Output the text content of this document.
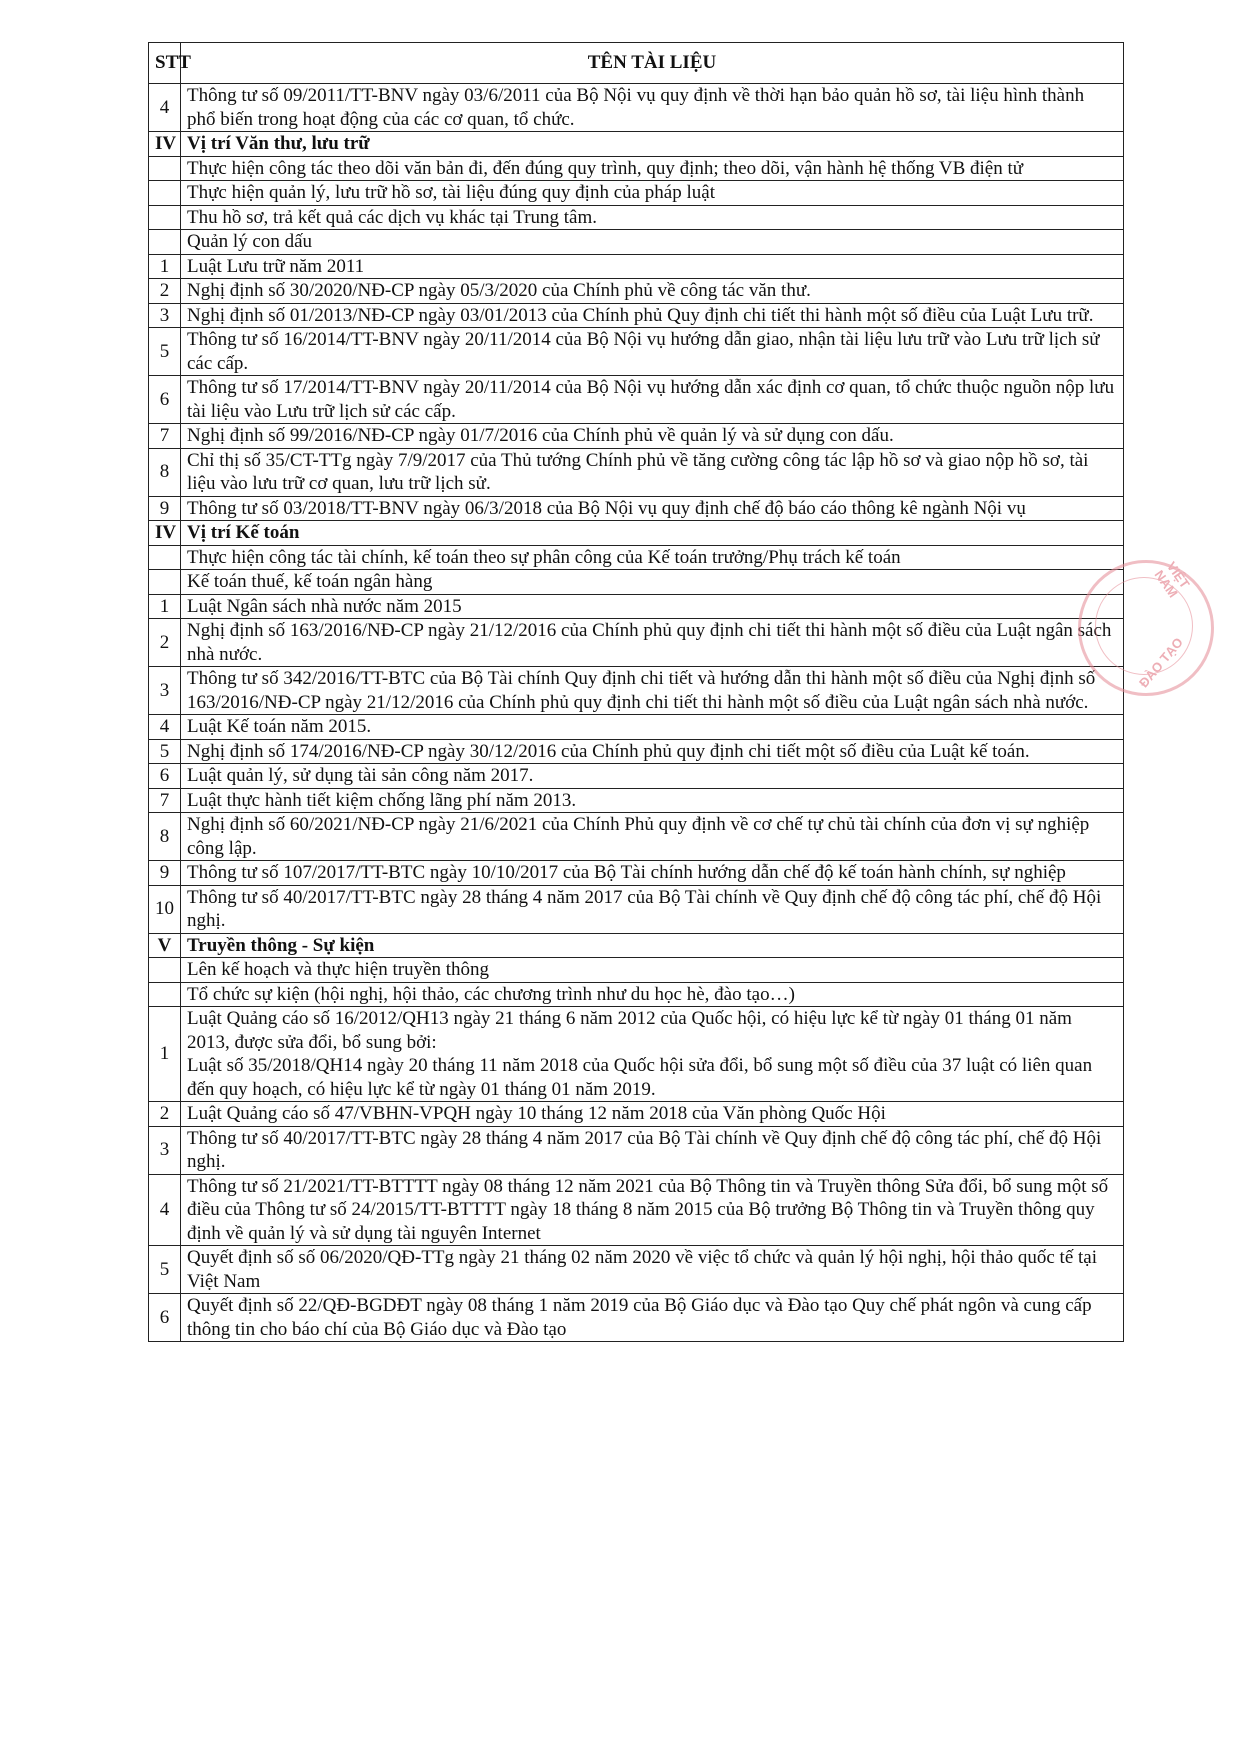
STT	TÊN TÀI LIỆU
4	Thông tư số 09/2011/TT-BNV ngày 03/6/2011 của Bộ Nội vụ quy định về thời hạn bảo quản hồ sơ, tài liệu hình thành phổ biến trong hoạt động của các cơ quan, tổ chức.
IV	Vị trí Văn thư, lưu trữ
	Thực hiện công tác theo dõi văn bản đi, đến đúng quy trình, quy định; theo dõi, vận hành hệ thống VB điện tử
	Thực hiện quản lý, lưu trữ hồ sơ, tài liệu đúng quy định của pháp luật
	Thu hồ sơ, trả kết quả các dịch vụ khác tại Trung tâm.
	Quản lý con dấu
1	Luật Lưu trữ năm 2011
2	Nghị định số 30/2020/NĐ-CP ngày 05/3/2020 của Chính phủ về công tác văn thư.
3	Nghị định số 01/2013/NĐ-CP ngày 03/01/2013 của Chính phủ Quy định chi tiết thi hành một số điều của Luật Lưu trữ.
5	Thông tư số 16/2014/TT-BNV ngày 20/11/2014 của Bộ Nội vụ hướng dẫn giao, nhận tài liệu lưu trữ vào Lưu trữ lịch sử các cấp.
6	Thông tư số 17/2014/TT-BNV ngày 20/11/2014 của Bộ Nội vụ hướng dẫn xác định cơ quan, tổ chức thuộc nguồn nộp lưu tài liệu vào Lưu trữ lịch sử các cấp.
7	Nghị định số 99/2016/NĐ-CP ngày 01/7/2016 của Chính phủ về quản lý và sử dụng con dấu.
8	Chỉ thị số 35/CT-TTg ngày 7/9/2017 của Thủ tướng Chính phủ về tăng cường công tác lập hồ sơ và giao nộp hồ sơ, tài liệu vào lưu trữ cơ quan, lưu trữ lịch sử.
9	Thông tư số 03/2018/TT-BNV ngày 06/3/2018 của Bộ Nội vụ quy định chế độ báo cáo thông kê ngành Nội vụ
IV	Vị trí Kế toán
	Thực hiện công tác tài chính, kế toán theo sự phân công của Kế toán trưởng/Phụ trách kế toán
	Kế toán thuế, kế toán ngân hàng
1	Luật Ngân sách nhà nước năm 2015
2	Nghị định số 163/2016/NĐ-CP ngày 21/12/2016 của Chính phủ quy định chi tiết thi hành một số điều của Luật ngân sách nhà nước.
3	Thông tư số 342/2016/TT-BTC của Bộ Tài chính Quy định chi tiết và hướng dẫn thi hành một số điều của Nghị định số 163/2016/NĐ-CP ngày 21/12/2016 của Chính phủ quy định chi tiết thi hành một số điều của Luật ngân sách nhà nước.
4	Luật Kế toán năm 2015.
5	Nghị định số 174/2016/NĐ-CP ngày 30/12/2016 của Chính phủ quy định chi tiết một số điều của Luật kế toán.
6	Luật quản lý, sử dụng tài sản công năm 2017.
7	Luật thực hành tiết kiệm chống lãng phí năm 2013.
8	Nghị định số 60/2021/NĐ-CP ngày 21/6/2021 của Chính Phủ quy định về cơ chế tự chủ tài chính của đơn vị sự nghiệp công lập.
9	Thông tư số 107/2017/TT-BTC ngày 10/10/2017 của Bộ Tài chính hướng dẫn chế độ kế toán hành chính, sự nghiệp
10	Thông tư số 40/2017/TT-BTC ngày 28 tháng 4 năm 2017 của Bộ Tài chính về Quy định chế độ công tác phí, chế độ Hội nghị.
V	Truyền thông - Sự kiện
	Lên kế hoạch và thực hiện truyền thông
	Tổ chức sự kiện (hội nghị, hội thảo, các chương trình như du học hè, đào tạo…)
1	Luật Quảng cáo số 16/2012/QH13 ngày 21 tháng 6 năm 2012 của Quốc hội, có hiệu lực kể từ ngày 01 tháng 01 năm 2013, được sửa đổi, bổ sung bởi:
Luật số 35/2018/QH14 ngày 20 tháng 11 năm 2018 của Quốc hội sửa đổi, bổ sung một số điều của 37 luật có liên quan đến quy hoạch, có hiệu lực kể từ ngày 01 tháng 01 năm 2019.

2	Luật Quảng cáo số 47/VBHN-VPQH ngày 10 tháng 12 năm 2018 của Văn phòng Quốc Hội
3	Thông tư số 40/2017/TT-BTC ngày 28 tháng 4 năm 2017 của Bộ Tài chính về Quy định chế độ công tác phí, chế độ Hội nghị.
4	Thông tư số 21/2021/TT-BTTTT ngày 08 tháng 12 năm 2021 của Bộ Thông tin và Truyền thông Sửa đổi, bổ sung một số điều của Thông tư số 24/2015/TT-BTTTT ngày 18 tháng 8 năm 2015 của Bộ trưởng Bộ Thông tin và Truyền thông quy định về quản lý và sử dụng tài nguyên Internet
5	Quyết định số số 06/2020/QĐ-TTg ngày 21 tháng 02 năm 2020 về việc tổ chức và quản lý hội nghị, hội thảo quốc tế tại Việt Nam
6	Quyết định số 22/QĐ-BGDĐT ngày 08 tháng 1 năm 2019 của Bộ Giáo dục và Đào tạo Quy chế phát ngôn và cung cấp thông tin cho báo chí của Bộ Giáo dục và Đào tạo
VIỆT NAM
ĐÀO TẠO
